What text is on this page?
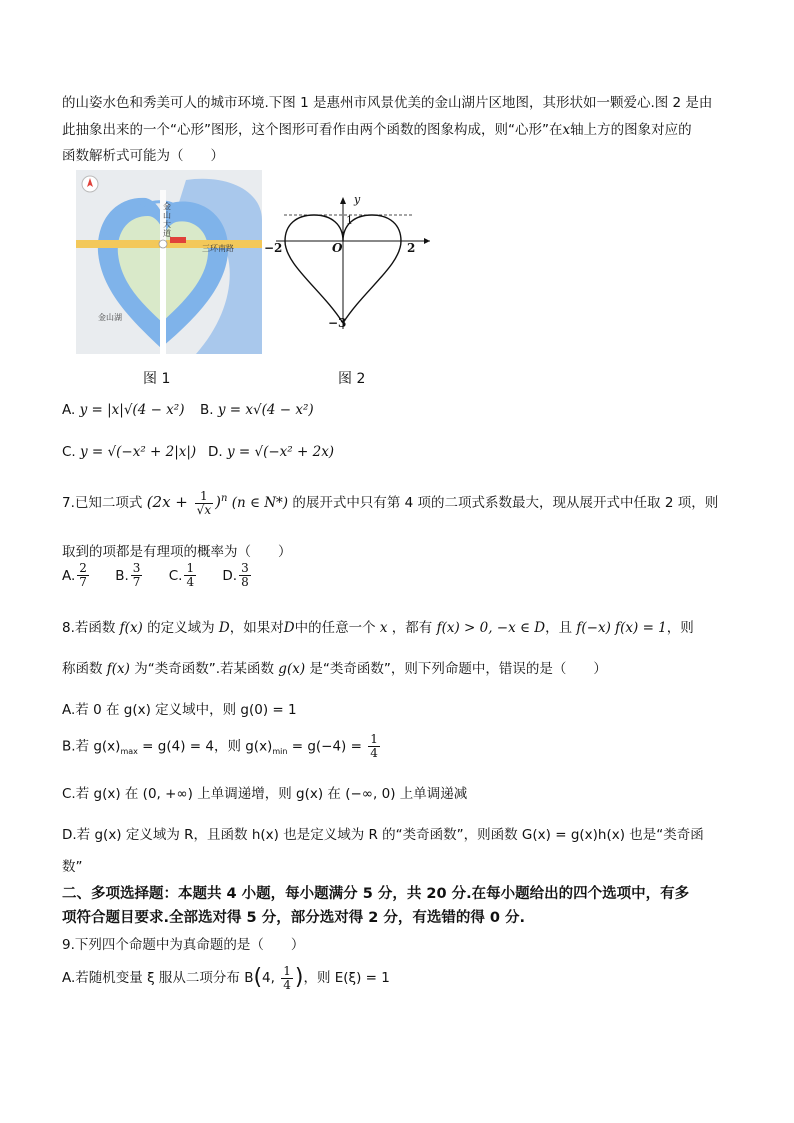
的山姿水色和秀美可人的城市环境.下图 1 是惠州市风景优美的金山湖片区地图，其形状如一颗爱心.图 2 是由
此抽象出来的一个“心形”图形，这个图形可看作由两个函数的图象构成，则“心形”在x轴上方的图象对应的
函数解析式可能为（　　）
金山大道
三环南路
金山湖
图 1
y
1
O
−2	2
−3
图 2
A. y = |x|√(4 − x²) B. y = x√(4 − x²)
C. y = √(−x² + 2|x|) D. y = √(−x² + 2x)
7.已知二项式 $(2x + \frac{1}{√x} )^n$ (n ∈ N*) 的展开式中只有第 4 项的二项式系数最大，现从展开式中任取 2 项，则
取到的项都是有理项的概率为（　　）
A. $\frac{2}{7} B$. $\frac{3}{7} C$. $\frac{1}{4} D$. $\frac{3}{8}$
8.若函数 f(x) 的定义域为 D，如果对D中的任意一个 x ，都有 f(x) > 0, −x ∈ D，且 f(−x) f(x) = 1，则
称函数 f(x) 为“类奇函数”.若某函数 g(x) 是“类奇函数”，则下列命题中，错误的是（　　）
A.若 0 在 g(x) 定义域中，则 g(0) = 1
B.若 $g(x)_{max} = g(4) = 4$，则 $g(x)_{min} = g(-4) = \frac{1}{4}$
C.若 g(x) 在 (0, +∞) 上单调递增，则 g(x) 在 (−∞, 0) 上单调递减
D.若 g(x) 定义域为 R，且函数 h(x) 也是定义域为 R 的“类奇函数”，则函数 G(x) = g(x)h(x) 也是“类奇函
数”
二、多项选择题：本题共 4 小题，每小题满分 5 分，共 20 分.在每小题给出的四个选项中，有多
项符合题目要求.全部选对得 5 分，部分选对得 2 分，有选错的得 0 分.
9.下列四个命题中为真命题的是（　　）
A.若随机变量 ξ 服从二项分布 B(4, $\frac{1}{4}$ )，则 E(ξ) = 1
